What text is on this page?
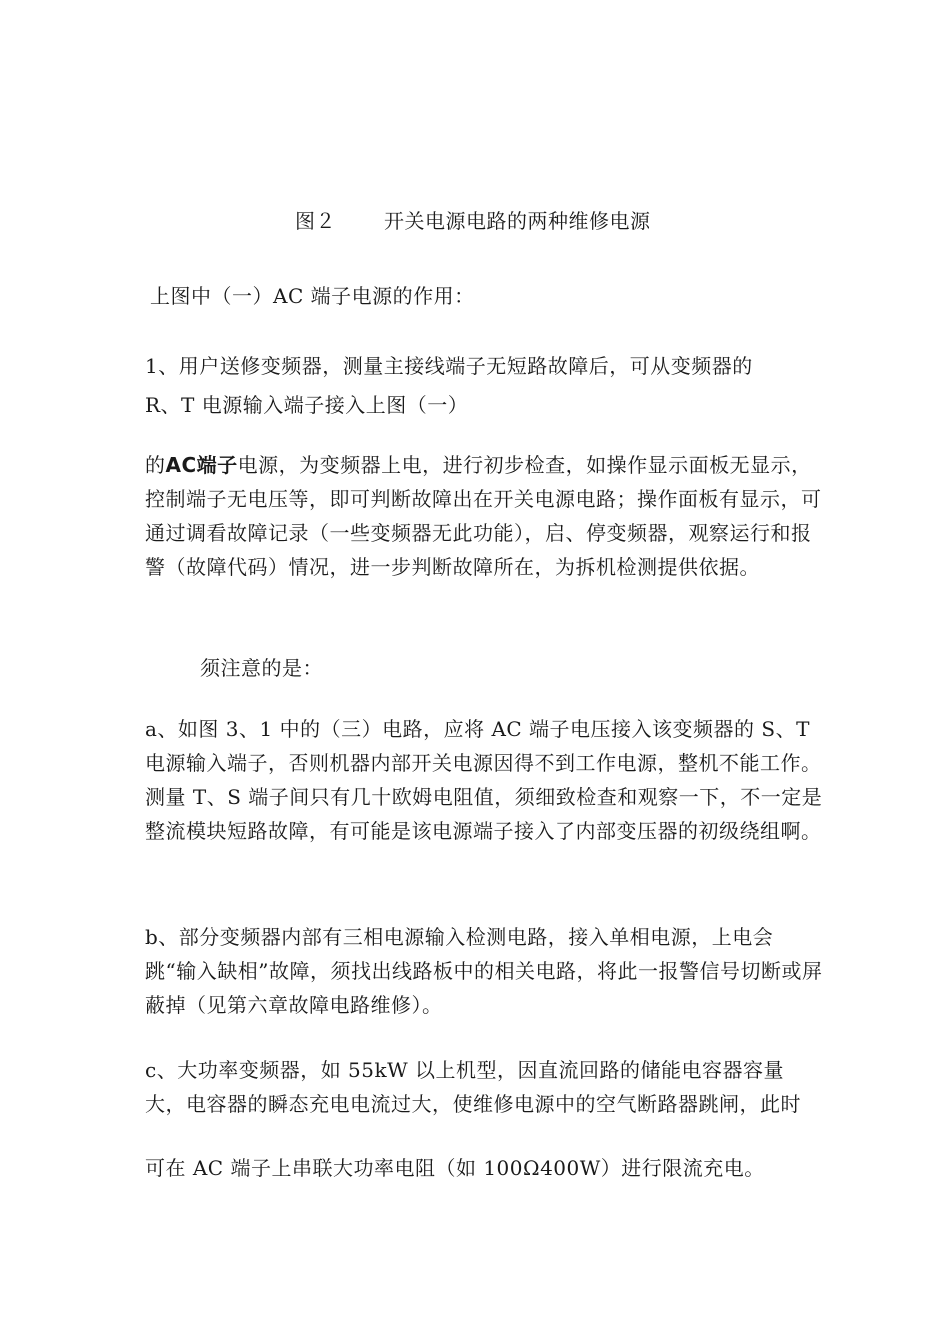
图２ 开关电源电路的两种维修电源
上图中（一）AC 端子电源的作用：
1、用户送修变频器，测量主接线端子无短路故障后，可从变频器的
R、T 电源输入端子接入上图（一）
的AC端子电源，为变频器上电，进行初步检查，如操作显示面板无显示，控制端子无电压等，即可判断故障出在开关电源电路；操作面板有显示，可通过调看故障记录（一些变频器无此功能），启、停变频器，观察运行和报警（故障代码）情况，进一步判断故障所在，为拆机检测提供依据。
须注意的是：
a、如图 3、1 中的（三）电路，应将 AC 端子电压接入该变频器的 S、T 电源输入端子，否则机器内部开关电源因得不到工作电源，整机不能工作。测量 T、S 端子间只有几十欧姆电阻值，须细致检查和观察一下，不一定是整流模块短路故障，有可能是该电源端子接入了内部变压器的初级绕组啊。
b、部分变频器内部有三相电源输入检测电路，接入单相电源，上电会跳“输入缺相”故障，须找出线路板中的相关电路，将此一报警信号切断或屏蔽掉（见第六章故障电路维修）。
c、大功率变频器，如 55kW 以上机型，因直流回路的储能电容器容量大，电容器的瞬态充电电流过大，使维修电源中的空气断路器跳闸，此时
可在 AC 端子上串联大功率电阻（如 100Ω400W）进行限流充电。
